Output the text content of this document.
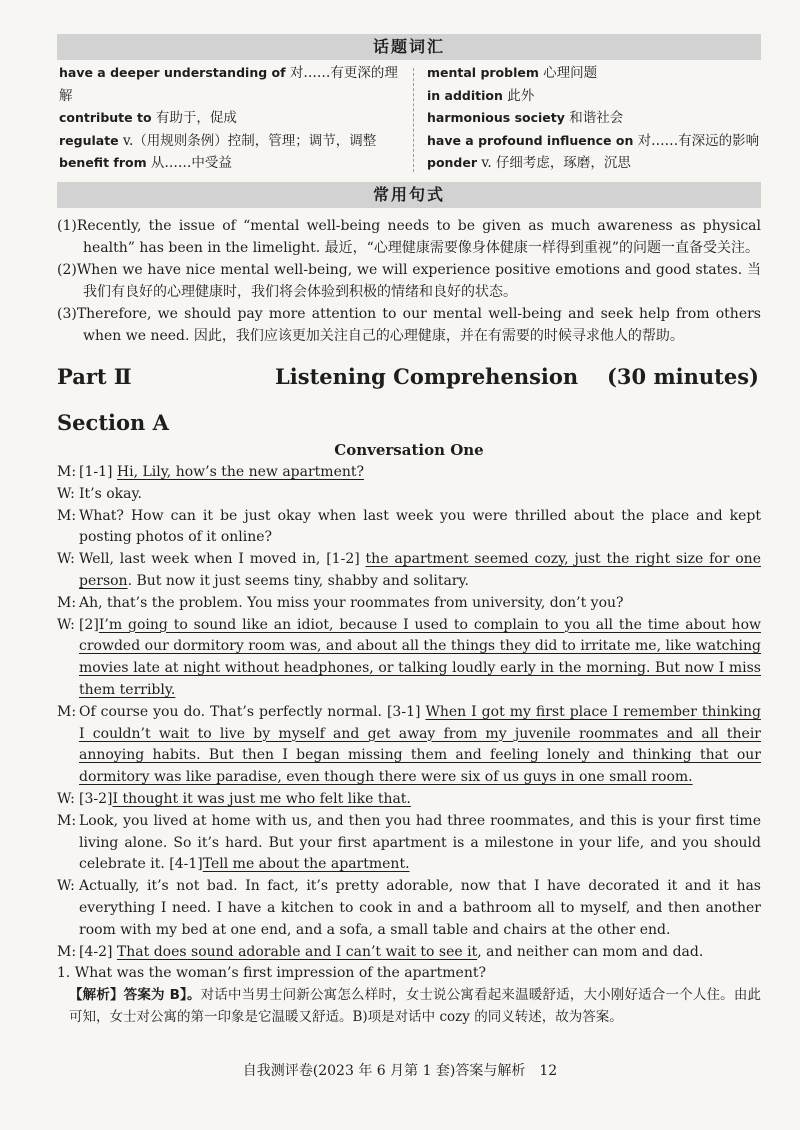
话题词汇
have a deeper understanding of 对……有更深的理解
contribute to 有助于，促成
regulate v.（用规则条例）控制，管理；调节，调整
benefit from 从……中受益
mental problem 心理问题
in addition 此外
harmonious society 和谐社会
have a profound influence on 对……有深远的影响
ponder v. 仔细考虑，琢磨，沉思
常用句式

(1)Recently, the issue of “mental well-being needs to be given as much awareness as physical health” has been in the limelight. 最近，“心理健康需要像身体健康一样得到重视”的问题一直备受关注。

(2)When we have nice mental well-being, we will experience positive emotions and good states. 当我们有良好的心理健康时，我们将会体验到积极的情绪和良好的状态。

(3)Therefore, we should pay more attention to our mental well-being and seek help from others when we need. 因此，我们应该更加关注自己的心理健康，并在有需要的时候寻求他人的帮助。

Part Ⅱ	Listening Comprehension (30 minutes)
Section A
Conversation One
M: [1-1] Hi, Lily, how’s the new apartment?
W: It’s okay.
M: What? How can it be just okay when last week you were thrilled about the place and kept posting photos of it online?
W: Well, last week when I moved in, [1-2] the apartment seemed cozy, just the right size for one person. But now it just seems tiny, shabby and solitary.
M: Ah, that’s the problem. You miss your roommates from university, don’t you?
W: [2]I’m going to sound like an idiot, because I used to complain to you all the time about how crowded our dormitory room was, and about all the things they did to irritate me, like watching movies late at night without headphones, or talking loudly early in the morning. But now I miss them terribly.
M: Of course you do. That’s perfectly normal. [3-1] When I got my first place I remember thinking I couldn’t wait to live by myself and get away from my juvenile roommates and all their annoying habits. But then I began missing them and feeling lonely and thinking that our dormitory was like paradise, even though there were six of us guys in one small room.
W: [3-2]I thought it was just me who felt like that.
M: Look, you lived at home with us, and then you had three roommates, and this is your first time living alone. So it’s hard. But your first apartment is a milestone in your life, and you should celebrate it. [4-1]Tell me about the apartment.
W: Actually, it’s not bad. In fact, it’s pretty adorable, now that I have decorated it and it has everything I need. I have a kitchen to cook in and a bathroom all to myself, and then another room with my bed at one end, and a sofa, a small table and chairs at the other end.
M: [4-2] That does sound adorable and I can’t wait to see it, and neither can mom and dad.
1. What was the woman’s first impression of the apartment?
【解析】答案为 B】。对话中当男士问新公寓怎么样时，女士说公寓看起来温暖舒适，大小刚好适合一个人住。由此可知，女士对公寓的第一印象是它温暖又舒适。B)项是对话中 cozy 的同义转述，故为答案。
自我测评卷(2023 年 6 月第 1 套)答案与解析　12
